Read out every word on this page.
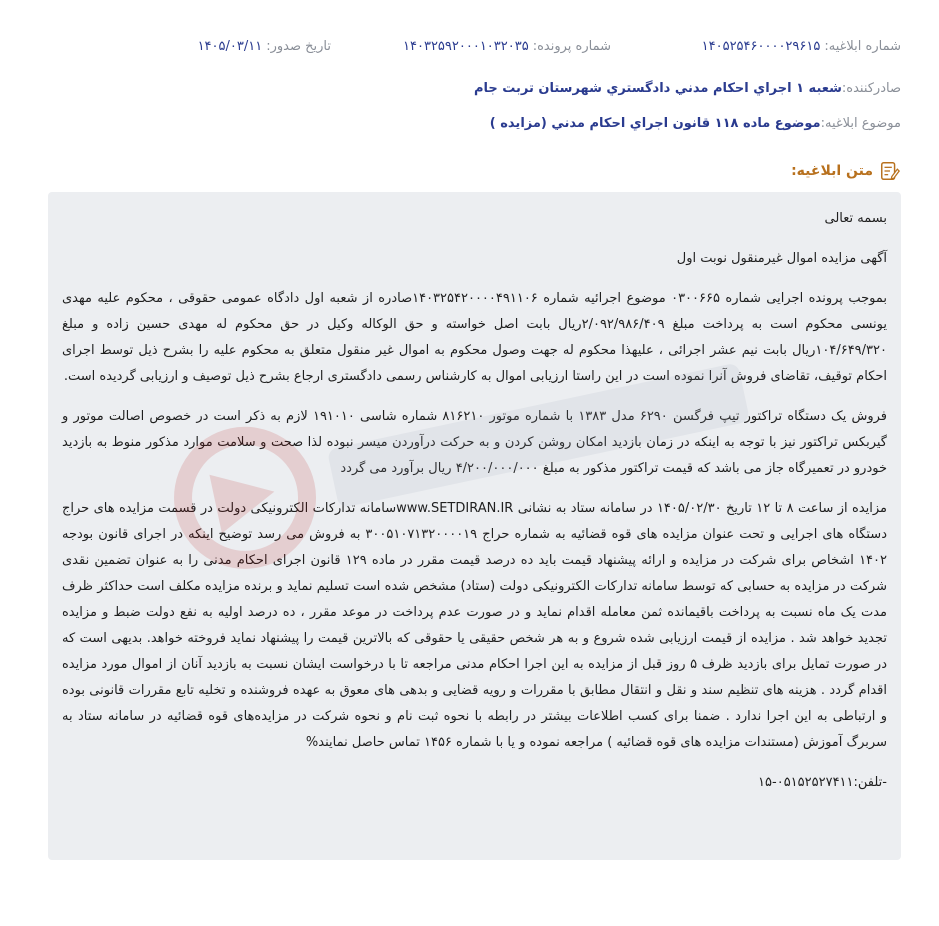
شماره ابلاغيه:
۱۴۰۵۲۵۴۶۰۰۰۰۲۹۶۱۵
شماره پرونده:
۱۴۰۳۲۵۹۲۰۰۰۱۰۳۲۰۳۵
تاريخ صدور:
۱۴۰۵/۰۳/۱۱
صادرکننده:
شعبه ۱ اجراي احکام مدني دادگستري شهرستان تربت جام
موضوع ابلاغيه:
موضوع ماده ۱۱۸ قانون اجراي احکام مدني (مزايده )
متن ابلاغيه:

بسمه تعالی

آگهی مزایده اموال غیرمنقول نوبت اول

بموجب پرونده اجرایی شماره ۰۳۰۰۶۶۵ موضوع اجرائیه شماره ۱۴۰۳۲۵۴۲۰۰۰۰۴۹۱۱۰۶صادره از شعبه اول دادگاه عمومی حقوقی ، محکوم علیه مهدی یونسی محکوم است به پرداخت مبلغ ۲/۰۹۲/۹۸۶/۴۰۹ریال بابت اصل خواسته و حق الوکاله وکیل در حق محکوم له مهدی حسین زاده و مبلغ ۱۰۴/۶۴۹/۳۲۰ریال بابت نیم عشر اجرائی ، علیهذا محکوم له جهت وصول محکوم به اموال غیر منقول متعلق به محکوم علیه را بشرح ذیل توسط اجرای احکام توقیف، تقاضای فروش آنرا نموده است در این راستا ارزیابی اموال به کارشناس رسمی دادگستری ارجاع بشرح ذیل توصیف و ارزیابی گردیده است.

فروش یک دستگاه تراکتور تیپ فرگسن ۶۲۹۰ مدل ۱۳۸۳ با شماره موتور ۸۱۶۲۱۰ شماره شاسی ۱۹۱۰۱۰ لازم به ذکر است در خصوص اصالت موتور و گیربکس تراکتور نیز با توجه به اینکه در زمان بازدید امکان روشن کردن و به حرکت درآوردن میسر نبوده لذا صحت و سلامت موارد مذکور منوط به بازدید خودرو در تعمیرگاه جاز می باشد که قیمت تراکتور مذکور به مبلغ ۴/۲۰۰/۰۰۰/۰۰۰ ریال برآورد می گردد

مزایده از ساعت ۸ تا ۱۲ تاریخ ۱۴۰۵/۰۲/۳۰ در سامانه ستاد به نشانی www.SETDIRAN.IRسامانه تدارکات الکترونیکی دولت در قسمت مزایده های حراج دستگاه های اجرایی و تحت عنوان مزایده های قوه قضائیه به شماره حراج ۳۰۰۵۱۰۷۱۳۲۰۰۰۰۱۹ به فروش می رسد توضیح اینکه در اجرای قانون بودجه ۱۴۰۲ اشخاص برای شرکت در مزایده و ارائه پیشنهاد قیمت باید ده درصد قیمت مقرر در ماده ۱۲۹ قانون اجرای احکام مدنی را به عنوان تضمین نقدی شرکت در مزایده به حسابی که توسط سامانه تدارکات الکترونیکی دولت (ستاد) مشخص شده است تسلیم نماید و برنده مزایده مکلف است حداکثر ظرف مدت یک ماه نسبت به پرداخت باقیمانده ثمن معامله اقدام نماید و در صورت عدم پرداخت در موعد مقرر ، ده درصد اولیه به نفع دولت ضبط و مزایده تجدید خواهد شد . مزایده از قیمت ارزیابی شده شروع و به هر شخص حقیقی یا حقوقی که بالاترین قیمت را پیشنهاد نماید فروخته خواهد. بدیهی است که در صورت تمایل برای بازدید ظرف ۵ روز قبل از مزایده به این اجرا احکام مدنی مراجعه تا با درخواست ایشان نسبت به بازدید آنان از اموال مورد مزایده اقدام گردد . هزینه های تنظیم سند و نقل و انتقال مطابق با مقررات و رویه قضایی و بدهی های معوق به عهده فروشنده و تخلیه تابع مقررات قانونی بوده و ارتباطی به این اجرا ندارد . ضمنا برای کسب اطلاعات بیشتر در رابطه با نحوه ثبت نام و نحوه شرکت در مزایده‌های قوه قضائیه در سامانه ستاد به سربرگ آموزش (مستندات مزایده های قوه قضائیه ) مراجعه نموده و یا با شماره ۱۴۵۶ تماس حاصل نمایند%

-تلفن:۰۵۱۵۲۵۲۷۴۱۱-۱۵
